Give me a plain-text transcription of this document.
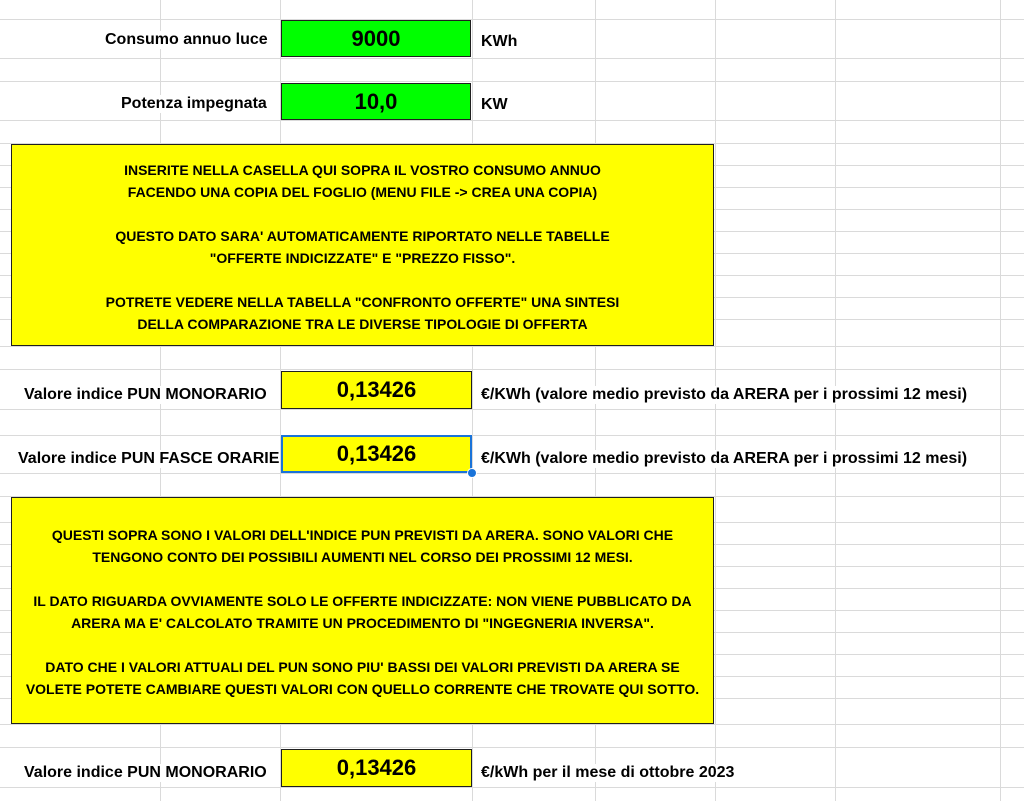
Consumo annuo luce	9000	KWh
Potenza impegnata	10,0	KW

INSERITE NELLA CASELLA QUI SOPRA IL VOSTRO CONSUMO ANNUO

FACENDO UNA COPIA DEL FOGLIO (MENU FILE -> CREA UNA COPIA)

QUESTO DATO SARA' AUTOMATICAMENTE RIPORTATO NELLE TABELLE

"OFFERTE INDICIZZATE" E "PREZZO FISSO".

POTRETE VEDERE NELLA TABELLA "CONFRONTO OFFERTE" UNA SINTESI

DELLA COMPARAZIONE TRA LE DIVERSE TIPOLOGIE DI OFFERTA

Valore indice PUN MONORARIO	0,13426	€/KWh (valore medio previsto da ARERA per i prossimi 12 mesi)
Valore indice PUN FASCE ORARIE	0,13426	€/KWh (valore medio previsto da ARERA per i prossimi 12 mesi)

QUESTI SOPRA SONO I VALORI DELL'INDICE PUN PREVISTI DA ARERA. SONO VALORI CHE

TENGONO CONTO DEI POSSIBILI AUMENTI NEL CORSO DEI PROSSIMI 12 MESI.

IL DATO RIGUARDA OVVIAMENTE SOLO LE OFFERTE INDICIZZATE: NON VIENE PUBBLICATO DA

ARERA MA E' CALCOLATO TRAMITE UN PROCEDIMENTO DI "INGEGNERIA INVERSA".

DATO CHE I VALORI ATTUALI DEL PUN SONO PIU' BASSI DEI VALORI PREVISTI DA ARERA SE

VOLETE POTETE CAMBIARE QUESTI VALORI CON QUELLO CORRENTE CHE TROVATE QUI SOTTO.

Valore indice PUN MONORARIO	0,13426	€/kWh per il mese di ottobre 2023
